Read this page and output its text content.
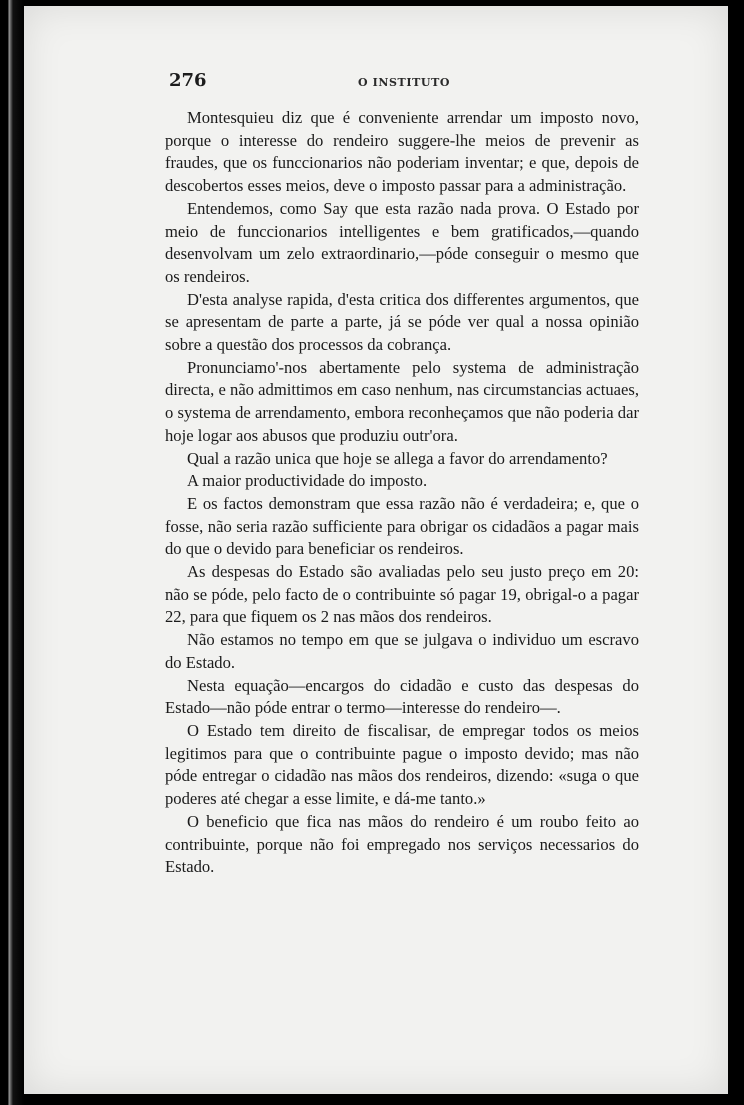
276	O INSTITUTO

Montesquieu diz que é conveniente arrendar um imposto novo, porque o interesse do rendeiro suggere-lhe meios de prevenir as fraudes, que os funccionarios não poderiam inventar; e que, depois de descobertos esses meios, deve o imposto passar para a administração.

Entendemos, como Say que esta razão nada prova. O Estado por meio de funccionarios intelligentes e bem gratificados,—quando desenvolvam um zelo extraordinario,—póde conseguir o mesmo que os rendeiros.

D'esta analyse rapida, d'esta critica dos differentes argumentos, que se apresentam de parte a parte, já se póde ver qual a nossa opinião sobre a questão dos processos da cobrança.

Pronunciamo'-nos abertamente pelo systema de administração directa, e não admittimos em caso nenhum, nas circumstancias actuaes, o systema de arrendamento, embora reconheçamos que não poderia dar hoje logar aos abusos que produziu outr'ora.

Qual a razão unica que hoje se allega a favor do arrendamento?

A maior productividade do imposto.

E os factos demonstram que essa razão não é verdadeira; e, que o fosse, não seria razão sufficiente para obrigar os cidadãos a pagar mais do que o devido para beneficiar os rendeiros.

As despesas do Estado são avaliadas pelo seu justo preço em 20: não se póde, pelo facto de o contribuinte só pagar 19, obrigal-o a pagar 22, para que fiquem os 2 nas mãos dos rendeiros.

Não estamos no tempo em que se julgava o individuo um escravo do Estado.

Nesta equação—encargos do cidadão e custo das despesas do Estado—não póde entrar o termo—interesse do rendeiro—.

O Estado tem direito de fiscalisar, de empregar todos os meios legitimos para que o contribuinte pague o imposto devido; mas não póde entregar o cidadão nas mãos dos rendeiros, dizendo: «suga o que poderes até chegar a esse limite, e dá-me tanto.»

O beneficio que fica nas mãos do rendeiro é um roubo feito ao contribuinte, porque não foi empregado nos serviços necessarios do Estado.
